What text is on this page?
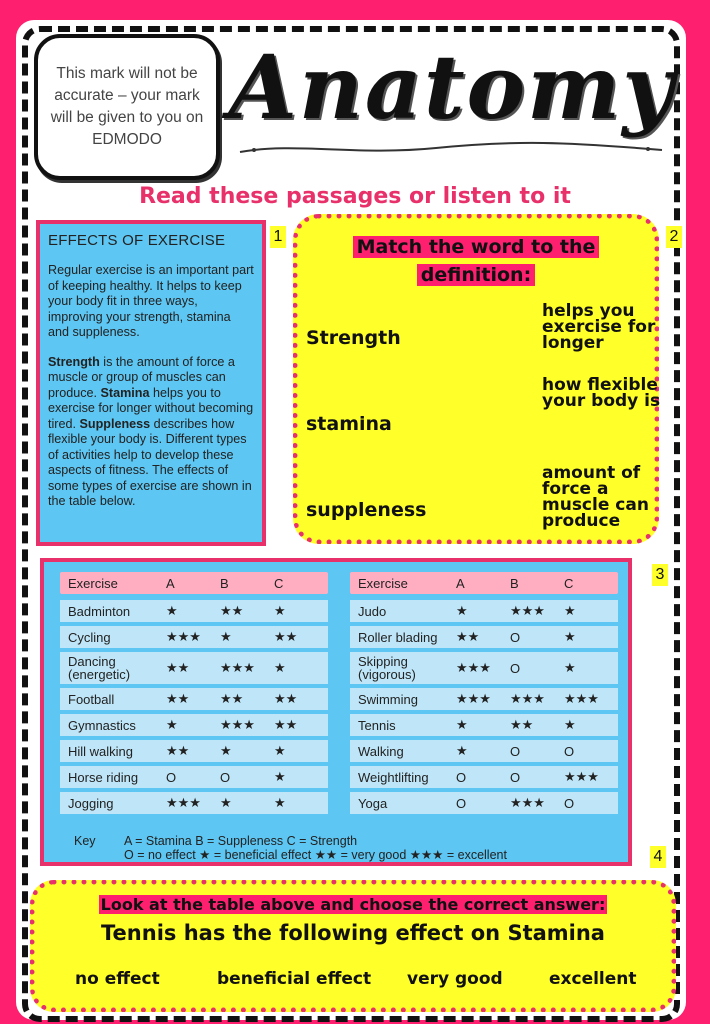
This mark will not be accurate – your mark will be given to you on EDMODO
Anatomy
Read these passages or listen to it
1	2
3
4
EFFECTS OF EXERCISE

Regular exercise is an important part of keeping healthy. It helps to keep your body fit in three ways, improving your strength, stamina and suppleness.

Strength is the amount of force a muscle or group of muscles can produce. Stamina helps you to exercise for longer without becoming tired. Suppleness describes how flexible your body is. Different types of activities help to develop these aspects of fitness. The effects of some types of exercise are shown in the table below.

Match the word to the
definition:
Strength
stamina
suppleness
helps you exercise for longer
how flexible your body is
amount of force a muscle can produce
Exercise	A	B	C
Badminton	★	★★	★
Cycling	★★★	★	★★
Dancing (energetic)	★★	★★★	★
Football	★★	★★	★★
Gymnastics	★	★★★	★★
Hill walking	★★	★	★
Horse riding	O	O	★
Jogging	★★★	★	★
Exercise	A	B	C
Judo	★	★★★	★
Roller blading	★★	O	★
Skipping (vigorous)	★★★	O	★
Swimming	★★★	★★★	★★★
Tennis	★	★★	★
Walking	★	O	O
Weightlifting	O	O	★★★
Yoga	O	★★★	O
Key	A = Stamina B = Suppleness C = Strength
O = no effect ★ = beneficial effect ★★ = very good ★★★ = excellent
Look at the table above and choose the correct answer:
Tennis has the following effect on Stamina
no effect	beneficial effect very good	excellent
